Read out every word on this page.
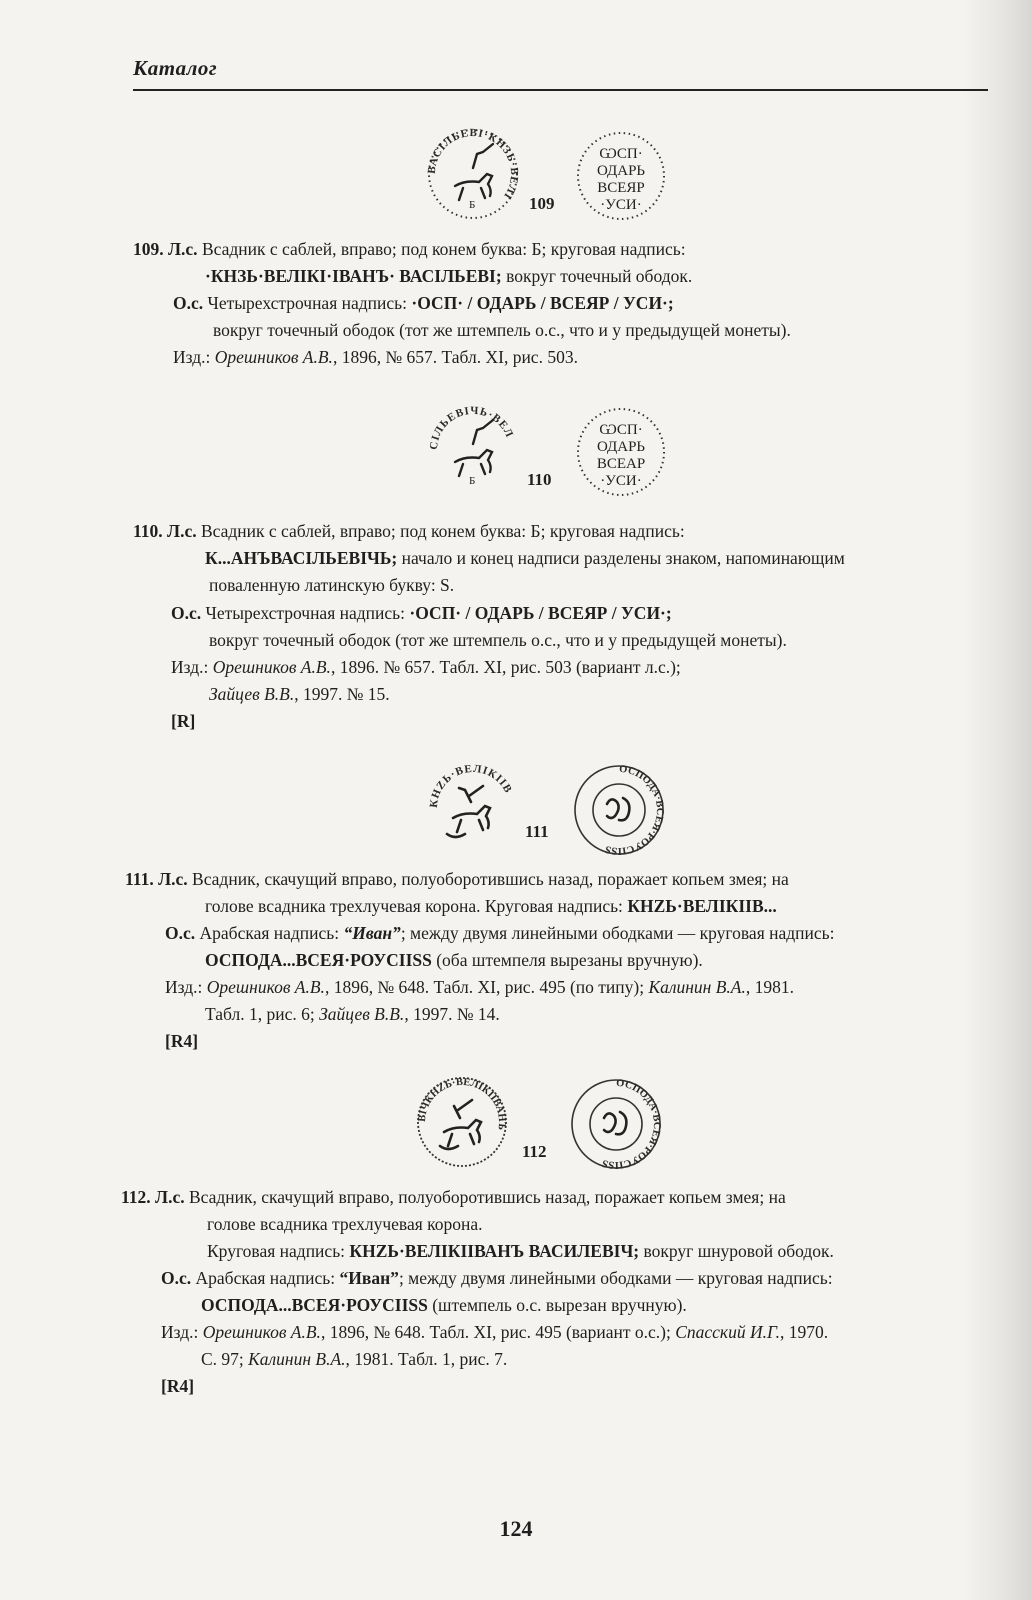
Каталог
ВАСІЛЬЕВІ·КНЗЬ·ВЕЛІ
Б	109
ѠСП·
ОДАРЬ
ВСЕЯР
·УСИ·
109. Л.с. Всадник с саблей, вправо; под конем буква: Б; круговая надпись:
·КНЗЬ·ВЕЛІКІ·ІВАНЪ· ВАСІЛЬЕВІ; вокруг точечный ободок.
О.с. Четырехстрочная надпись: ·ОСП· / ОДАРЬ / ВСЕЯР / УСИ·;
вокруг точечный ободок (тот же штемпель о.с., что и у предыдущей монеты).
Изд.: Орешников А.В., 1896, № 657. Табл. XI, рис. 503.
СІЛЬЕВІЧЬ·ВЕЛ
Б	110
ѠСП·
ОДАРЬ
ВСЕАР
·УСИ·
110. Л.с. Всадник с саблей, вправо; под конем буква: Б; круговая надпись:
К...АНЪВАСІЛЬЕВІЧЬ; начало и конец надписи разделены знаком, напоминающим
поваленную латинскую букву: S.
О.с. Четырехстрочная надпись: ·ОСП· / ОДАРЬ / ВСЕЯР / УСИ·;
вокруг точечный ободок (тот же штемпель о.с., что и у предыдущей монеты).
Изд.: Орешников А.В., 1896. № 657. Табл. XI, рис. 503 (вариант л.с.);
Зайцев В.В., 1997. № 15.
[R]
КНZЬ·ВЕЛІКІІВ
111
ОСПОДА·ВСЕЯ·РОУСІІSS
111. Л.с. Всадник, скачущий вправо, полуоборотившись назад, поражает копьем змея; на
голове всадника трехлучевая корона. Круговая надпись: КНZЬ·ВЕЛІКІІВ...
О.с. Арабская надпись: “Иван”; между двумя линейными ободками — круговая надпись:
ОСПОДА...ВСЕЯ·РОУСІІSS (оба штемпеля вырезаны вручную).
Изд.: Орешников А.В., 1896, № 648. Табл. XI, рис. 495 (по типу); Калинин В.А., 1981.
Табл. 1, рис. 6; Зайцев В.В., 1997. № 14.
[R4]
ВІЧКНZЬ·ВЕЛІКІІВАНЪ
112
ОСПОДА·ВСЕЯ·РОУСІІSS
112. Л.с. Всадник, скачущий вправо, полуоборотившись назад, поражает копьем змея; на
голове всадника трехлучевая корона.
Круговая надпись: КНZЬ·ВЕЛІКІІВАНЪ ВАСИЛЕВІЧ; вокруг шнуровой ободок.
О.с. Арабская надпись: “Иван”; между двумя линейными ободками — круговая надпись:
ОСПОДА...ВСЕЯ·РОУСІІSS (штемпель о.с. вырезан вручную).
Изд.: Орешников А.В., 1896, № 648. Табл. XI, рис. 495 (вариант о.с.); Спасский И.Г., 1970.
С. 97; Калинин В.А., 1981. Табл. 1, рис. 7.
[R4]
124
